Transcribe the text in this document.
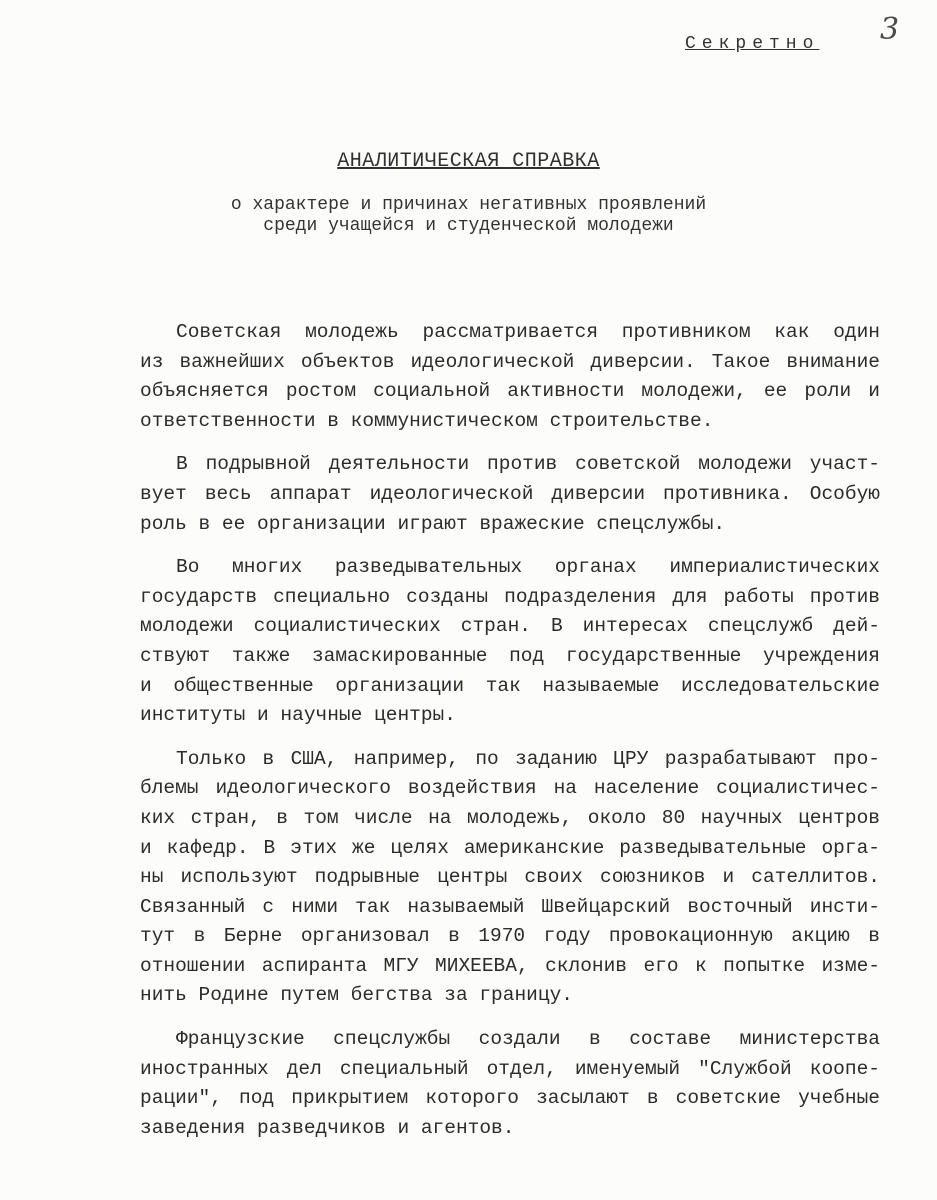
3
Секретно
АНАЛИТИЧЕСКАЯ СПРАВКА
о характере и причинах негативных проявлений
среди учащейся и студенческой молодежи
Советская молодежь рассматривается противником как один
из важнейших объектов идеологической диверсии. Такое внимание
объясняется ростом социальной активности молодежи, ее роли и
ответственности в коммунистическом строительстве.
В подрывной деятельности против советской молодежи участ-
вует весь аппарат идеологической диверсии противника. Особую
роль в ее организации играют вражеские спецслужбы.
Во многих разведывательных органах империалистических
государств специально созданы подразделения для работы против
молодежи социалистических стран. В интересах спецслужб дей-
ствуют также замаскированные под государственные учреждения
и общественные организации так называемые исследовательские
институты и научные центры.
Только в США, например, по заданию ЦРУ разрабатывают про-
блемы идеологического воздействия на население социалистичес-
ких стран, в том числе на молодежь, около 80 научных центров
и кафедр. В этих же целях американские разведывательные орга-
ны используют подрывные центры своих союзников и сателлитов.
Связанный с ними так называемый Швейцарский восточный инсти-
тут в Берне организовал в 1970 году провокационную акцию в
отношении аспиранта МГУ МИХЕЕВА, склонив его к попытке изме-
нить Родине путем бегства за границу.
Французские спецслужбы создали в составе министерства
иностранных дел специальный отдел, именуемый "Службой коопе-
рации", под прикрытием которого засылают в советские учебные
заведения разведчиков и агентов.
